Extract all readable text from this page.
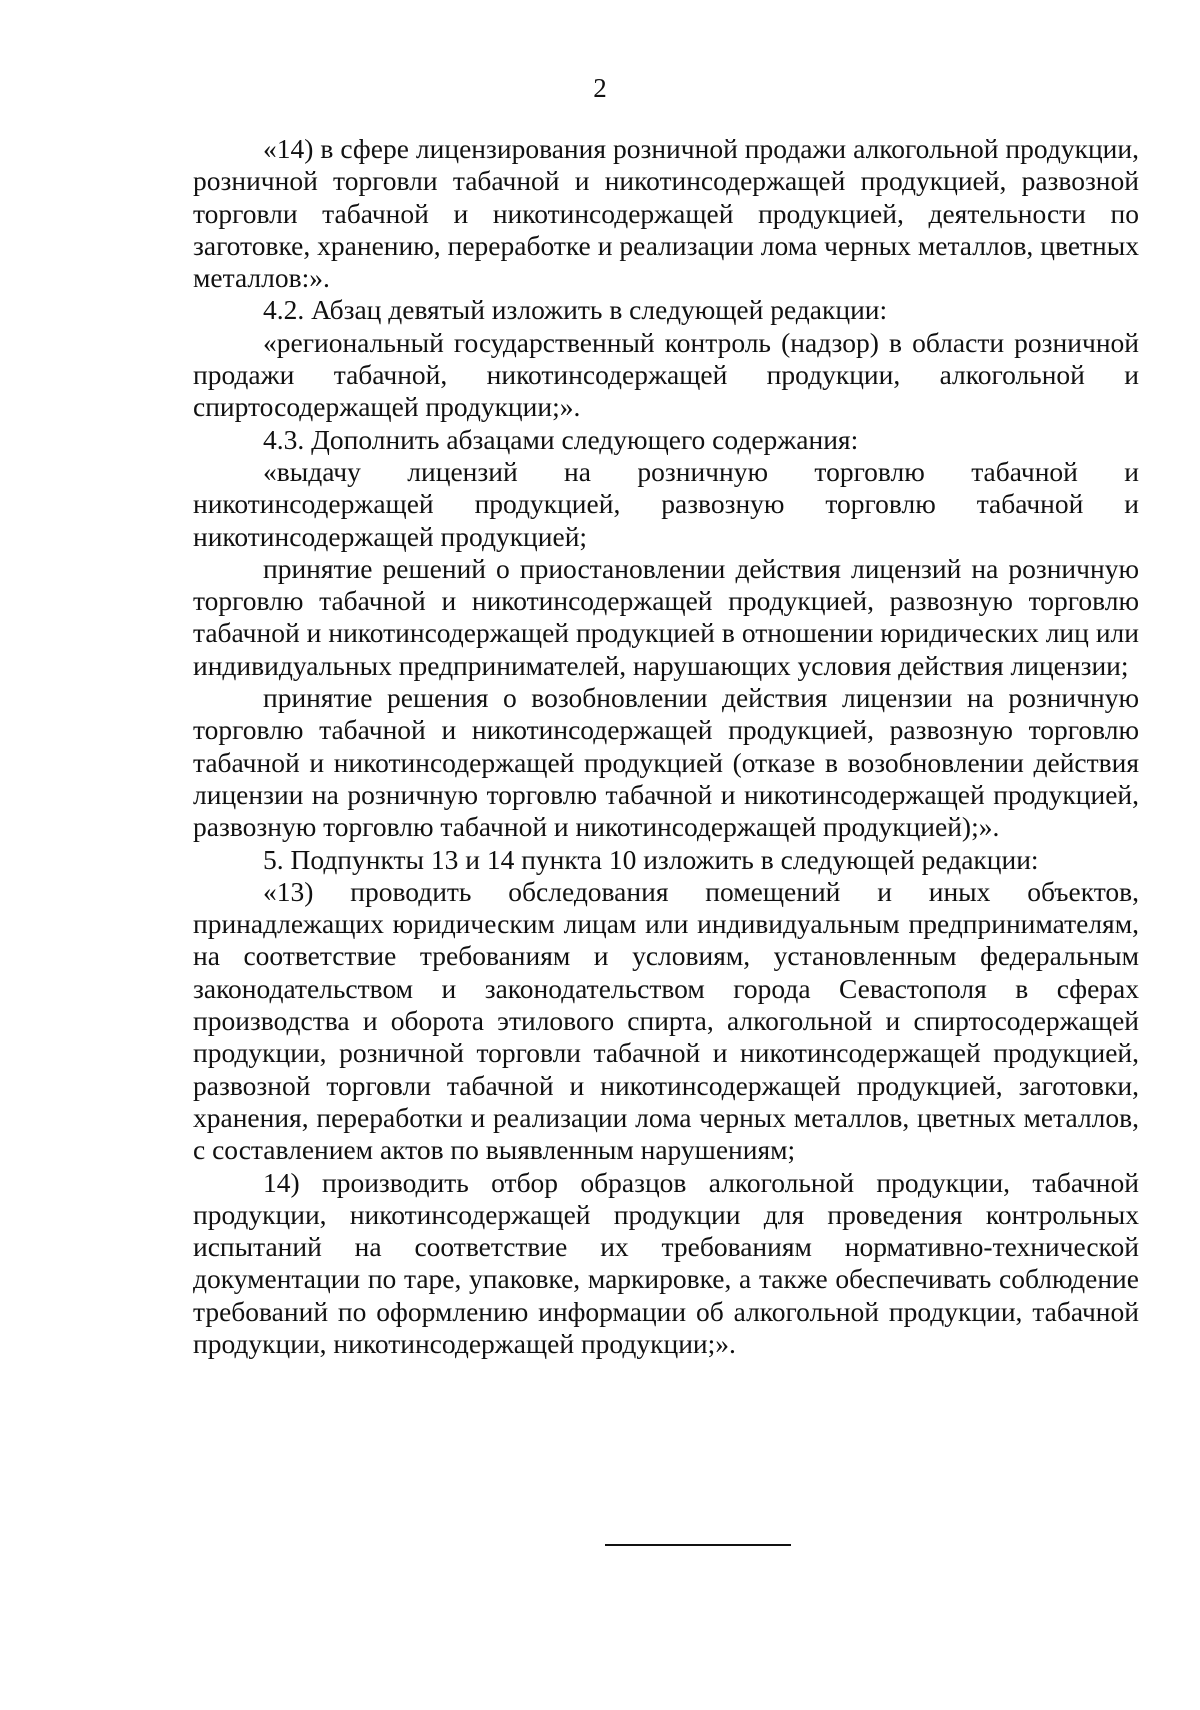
2

«14) в сфере лицензирования розничной продажи алкогольной продукции, розничной торговли табачной и никотинсодержащей продукцией, развозной торговли табачной и никотинсодержащей продукцией, деятельности по заготовке, хранению, переработке и реализации лома черных металлов, цветных металлов:».

4.2. Абзац девятый изложить в следующей редакции:

«региональный государственный контроль (надзор) в области розничной продажи табачной, никотинсодержащей продукции, алкогольной и спиртосодержащей продукции;».

4.3. Дополнить абзацами следующего содержания:

«выдачу лицензий на розничную торговлю табачной и никотинсодержащей продукцией, развозную торговлю табачной и никотинсодержащей продукцией;

принятие решений о приостановлении действия лицензий на розничную торговлю табачной и никотинсодержащей продукцией, развозную торговлю табачной и никотинсодержащей продукцией в отношении юридических лиц или индивидуальных предпринимателей, нарушающих условия действия лицензии;

принятие решения о возобновлении действия лицензии на розничную торговлю табачной и никотинсодержащей продукцией, развозную торговлю табачной и никотинсодержащей продукцией (отказе в возобновлении действия лицензии на розничную торговлю табачной и никотинсодержащей продукцией, развозную торговлю табачной и никотинсодержащей продукцией);».

5. Подпункты 13 и 14 пункта 10 изложить в следующей редакции:

«13) проводить обследования помещений и иных объектов, принадлежащих юридическим лицам или индивидуальным предпринимателям, на соответствие требованиям и условиям, установленным федеральным законодательством и законодательством города Севастополя в сферах производства и оборота этилового спирта, алкогольной и спиртосодержащей продукции, розничной торговли табачной и никотинсодержащей продукцией, развозной торговли табачной и никотинсодержащей продукцией, заготовки, хранения, переработки и реализации лома черных металлов, цветных металлов, с составлением актов по выявленным нарушениям;

14) производить отбор образцов алкогольной продукции, табачной продукции, никотинсодержащей продукции для проведения контрольных испытаний на соответствие их требованиям нормативно-технической документации по таре, упаковке, маркировке, а также обеспечивать соблюдение требований по оформлению информации об алкогольной продукции, табачной продукции, никотинсодержащей продукции;».
